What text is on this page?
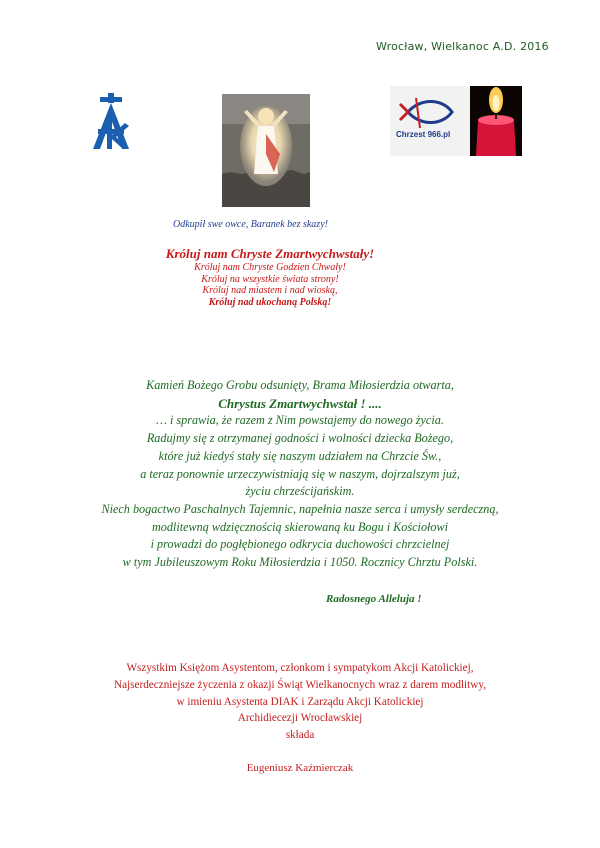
Wrocław, Wielkanoc A.D. 2016
Chrzest 966.pl
Odkupił swe owce, Baranek bez skazy!
Króluj nam Chryste Zmartwychwstały!
Króluj nam Chryste Godzien Chwały!
Króluj na wszystkie świata strony!
Króluj nad miastem i nad wioską,
Króluj nad ukochaną Polską!
Kamień Bożego Grobu odsunięty, Brama Miłosierdzia otwarta,
Chrystus Zmartwychwstał ! ....
… i sprawia, że razem z Nim powstajemy do nowego życia.
Radujmy się z otrzymanej godności i wolności dziecka Bożego,
które już kiedyś stały się naszym udziałem na Chrzcie Św.,
a teraz ponownie urzeczywistniają się w naszym, dojrzalszym już,
życiu chrześcijańskim.
Niech bogactwo Paschalnych Tajemnic, napełnia nasze serca i umysły serdeczną,
modlitewną wdzięcznością skierowaną ku Bogu i Kościołowi
i prowadzi do pogłębionego odkrycia duchowości chrzcielnej
w tym Jubileuszowym Roku Miłosierdzia i 1050. Rocznicy Chrztu Polski.
Radosnego Alleluja !
Wszystkim Księżom Asystentom, członkom i sympatykom Akcji Katolickiej,
Najserdeczniejsze życzenia z okazji Świąt Wielkanocnych wraz z darem modlitwy,
w imieniu Asystenta DIAK i Zarządu Akcji Katolickiej
Archidiecezji Wrocławskiej
składa
Eugeniusz Kaźmierczak
